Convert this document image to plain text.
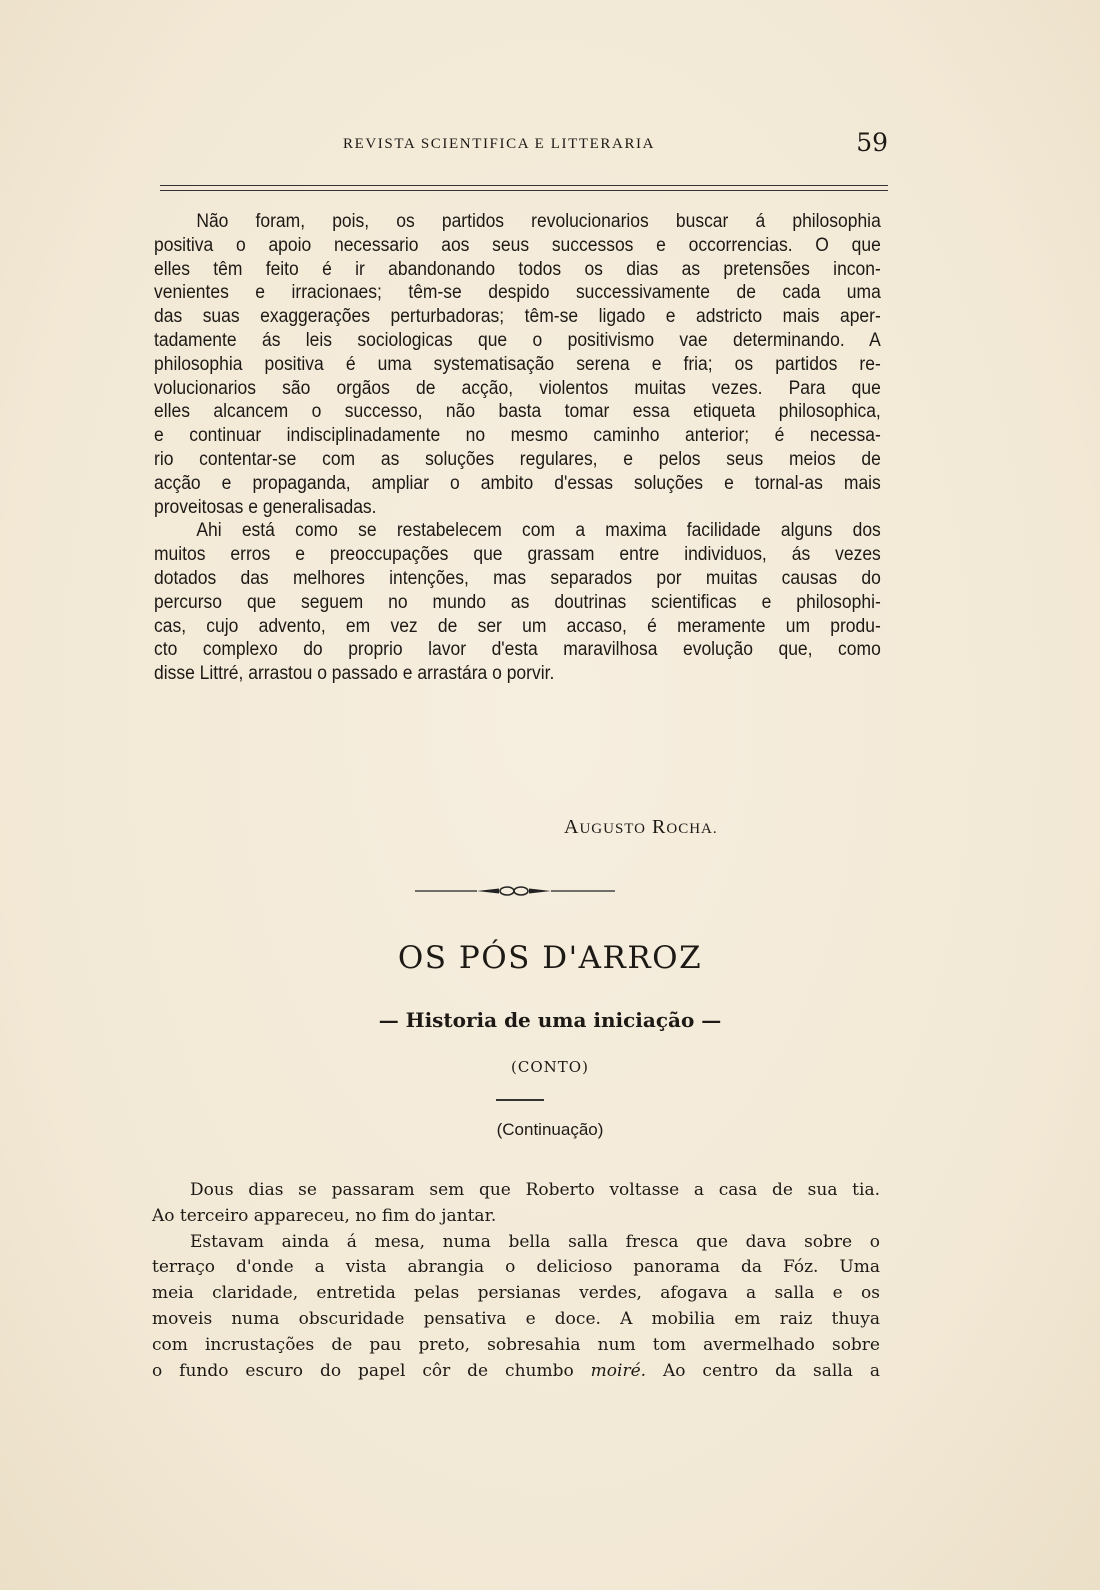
REVISTA SCIENTIFICA E LITTERARIA	59
Não foram, pois, os partidos revolucionarios buscar á philosophia
positiva o apoio necessario aos seus successos e occorrencias. O que
elles têm feito é ir abandonando todos os dias as pretensões incon-
venientes e irracionaes; têm-se despido successivamente de cada uma
das suas exaggerações perturbadoras; têm-se ligado e adstricto mais aper-
tadamente ás leis sociologicas que o positivismo vae determinando. A
philosophia positiva é uma systematisação serena e fria; os partidos re-
volucionarios são orgãos de acção, violentos muitas vezes. Para que
elles alcancem o successo, não basta tomar essa etiqueta philosophica,
e continuar indisciplinadamente no mesmo caminho anterior; é necessa-
rio contentar-se com as soluções regulares, e pelos seus meios de
acção e propaganda, ampliar o ambito d'essas soluções e tornal-as mais
proveitosas e generalisadas.
Ahi está como se restabelecem com a maxima facilidade alguns dos
muitos erros e preoccupações que grassam entre individuos, ás vezes
dotados das melhores intenções, mas separados por muitas causas do
percurso que seguem no mundo as doutrinas scientificas e philosophi-
cas, cujo advento, em vez de ser um accaso, é meramente um produ-
cto complexo do proprio lavor d'esta maravilhosa evolução que, como
disse Littré, arrastou o passado e arrastára o porvir.
AUGUSTO ROCHA.
OS PÓS D'ARROZ
— Historia de uma iniciação —
(CONTO)
(Continuação)
Dous dias se passaram sem que Roberto voltasse a casa de sua tia.
Ao terceiro appareceu, no fim do jantar.
Estavam ainda á mesa, numa bella salla fresca que dava sobre o
terraço d'onde a vista abrangia o delicioso panorama da Fóz. Uma
meia claridade, entretida pelas persianas verdes, afogava a salla e os
moveis numa obscuridade pensativa e doce. A mobilia em raiz thuya
com incrustações de pau preto, sobresahia num tom avermelhado sobre
o fundo escuro do papel côr de chumbo moiré. Ao centro da salla a
